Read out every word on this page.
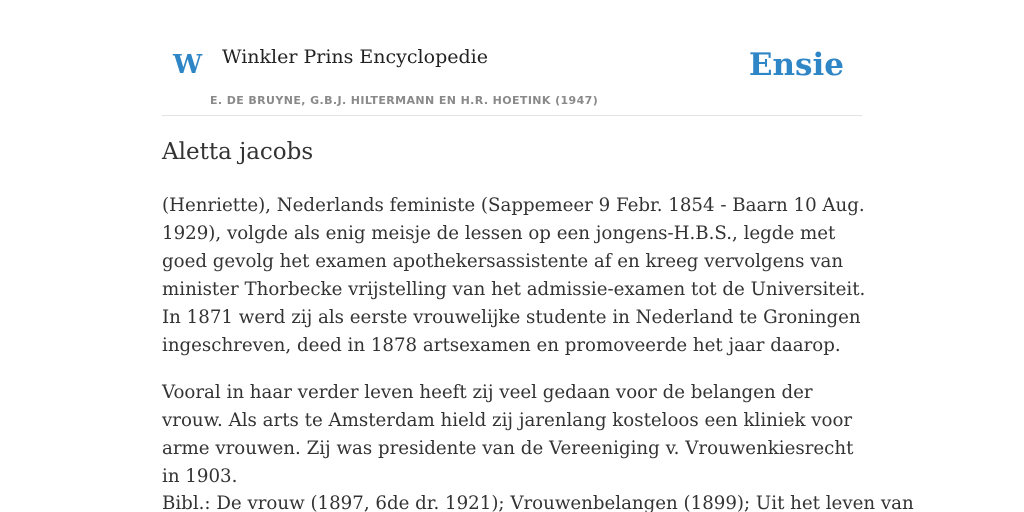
W Winkler Prins Encyclopedie
E. DE BRUYNE, G.B.J. HILTERMANN EN H.R. HOETINK (1947)
Ensie
Aletta jacobs

(Henriette), Nederlands feministe (Sappemeer 9 Febr. 1854 - Baarn 10 Aug. 1929), volgde als enig meisje de lessen op een jongens-H.B.S., legde met goed gevolg het examen apothekersassistente af en kreeg vervolgens van minister Thorbecke vrijstelling van het admissie-examen tot de Universiteit. In 1871 werd zij als eerste vrouwelijke studente in Nederland te Groningen ingeschreven, deed in 1878 artsexamen en promoveerde het jaar daarop.

Vooral in haar verder leven heeft zij veel gedaan voor de belangen der vrouw. Als arts te Amsterdam hield zij jarenlang kosteloos een kliniek voor arme vrouwen. Zij was presidente van de Vereeniging v. Vrouwenkiesrecht in 1903.

Bibl.: De vrouw (1897, 6de dr. 1921); Vrouwenbelangen (1899); Uit het leven van
